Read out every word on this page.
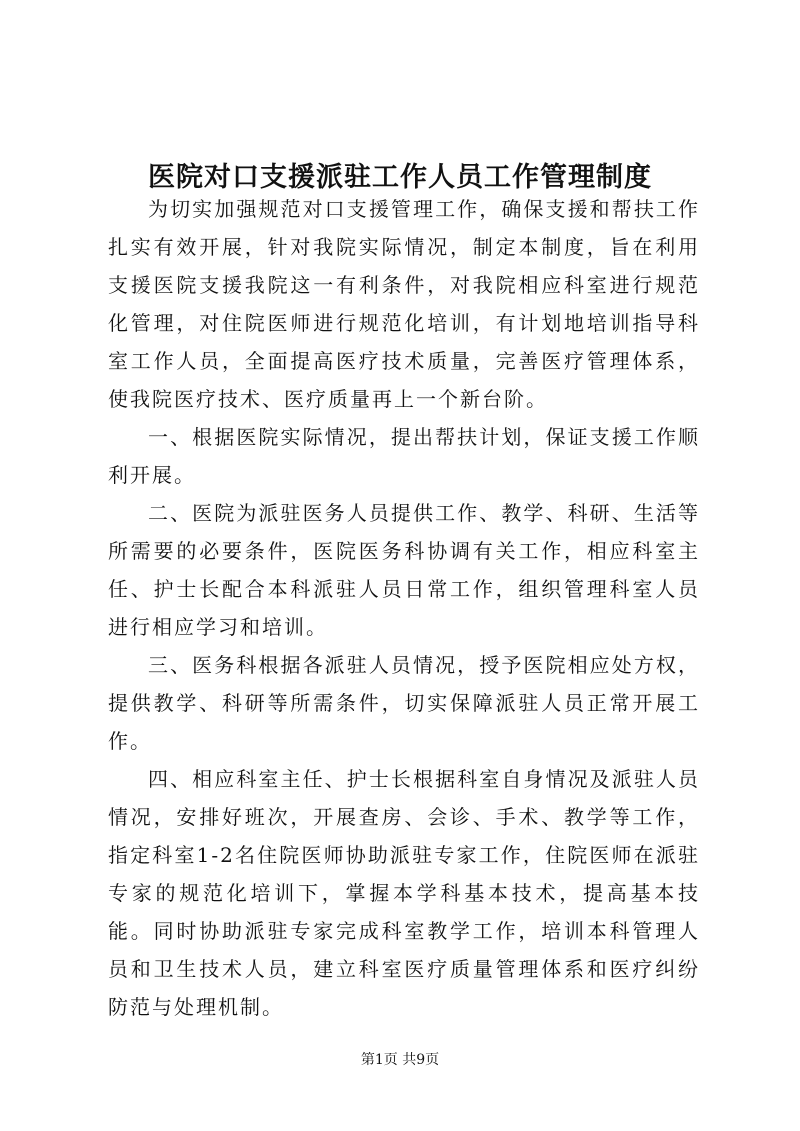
医院对口支援派驻工作人员工作管理制度

为切实加强规范对口支援管理工作，确保支援和帮扶工作扎实有效开展，针对我院实际情况，制定本制度，旨在利用支援医院支援我院这一有利条件，对我院相应科室进行规范化管理，对住院医师进行规范化培训，有计划地培训指导科室工作人员，全面提高医疗技术质量，完善医疗管理体系，使我院医疗技术、医疗质量再上一个新台阶。

一、根据医院实际情况，提出帮扶计划，保证支援工作顺利开展。

二、医院为派驻医务人员提供工作、教学、科研、生活等所需要的必要条件，医院医务科协调有关工作，相应科室主任、护士长配合本科派驻人员日常工作，组织管理科室人员进行相应学习和培训。

三、医务科根据各派驻人员情况，授予医院相应处方权，提供教学、科研等所需条件，切实保障派驻人员正常开展工作。

四、相应科室主任、护士长根据科室自身情况及派驻人员情况，安排好班次，开展查房、会诊、手术、教学等工作，指定科室1-2名住院医师协助派驻专家工作，住院医师在派驻专家的规范化培训下，掌握本学科基本技术，提高基本技能。同时协助派驻专家完成科室教学工作，培训本科管理人员和卫生技术人员，建立科室医疗质量管理体系和医疗纠纷防范与处理机制。

第1页 共9页
